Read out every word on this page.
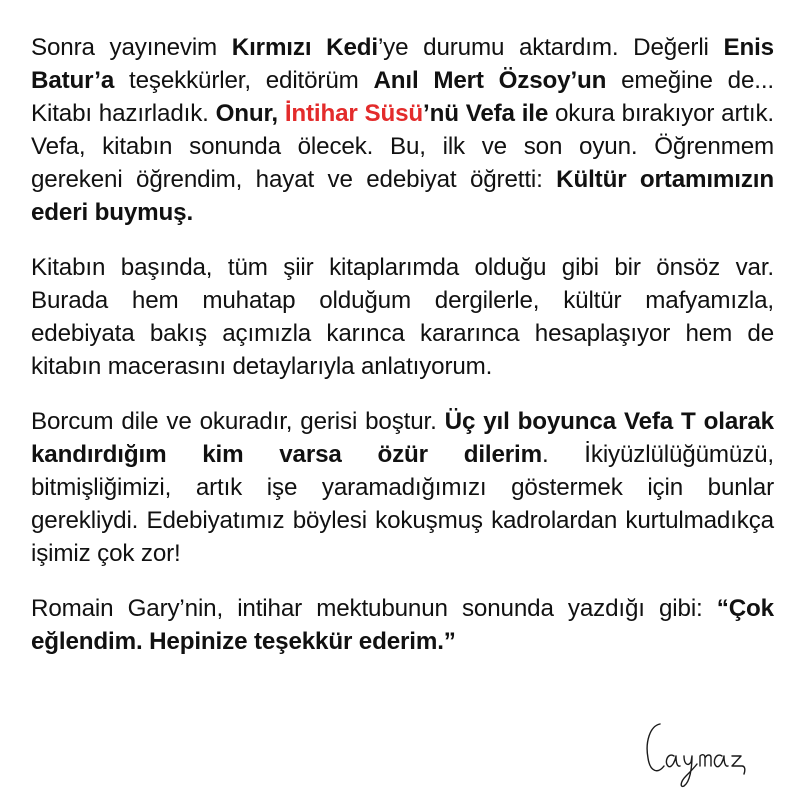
Sonra yayınevim Kırmızı Kedi’ye durumu aktardım. Değerli Enis Batur’a teşekkürler, editörüm Anıl Mert Özsoy’un emeğine de... Kitabı hazırladık. Onur, İntihar Süsü’nü Vefa ile okura bırakıyor artık. Vefa, kitabın sonunda ölecek. Bu, ilk ve son oyun. Öğrenmem gerekeni öğrendim, hayat ve edebiyat öğretti: Kültür ortamımızın ederi buymuş.

Kitabın başında, tüm şiir kitaplarımda olduğu gibi bir önsöz var. Burada hem muhatap olduğum dergilerle, kültür mafyamızla, edebiyata bakış açımızla karınca kararınca hesaplaşıyor hem de kitabın macerasını detaylarıyla anlatıyorum.

Borcum dile ve okuradır, gerisi boştur. Üç yıl boyunca Vefa T olarak kandırdığım kim varsa özür dilerim. İkiyüzlülüğümüzü, bitmişliğimizi, artık işe yaramadığımızı göstermek için bunlar gerekliydi. Edebiyatımız böylesi kokuşmuş kadrolardan kurtulmadıkça işimiz çok zor!

Romain Gary’nin, intihar mektubunun sonunda yazdığı gibi: “Çok eğlendim. Hepinize teşekkür ederim.”
